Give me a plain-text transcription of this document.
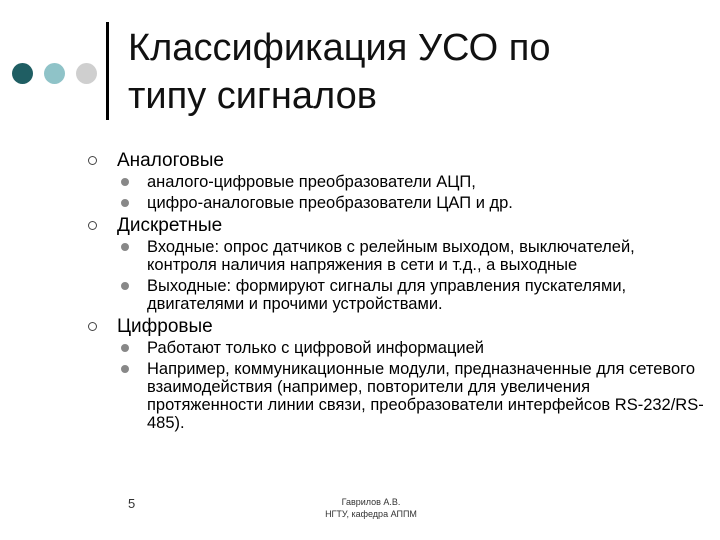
Классификация УСО по
типу сигналов
Аналоговые
аналого-цифровые преобразователи АЦП,
цифро-аналоговые преобразователи ЦАП и др.
Дискретные
Входные: опрос датчиков с релейным выходом, выключателей, контроля наличия напряжения в сети и т.д., а выходные
Выходные: формируют сигналы для управления пускателями, двигателями и прочими устройствами.
Цифровые
Работают только с цифровой информацией
Например, коммуникационные модули, предназначенные для сетевого взаимодействия (например, повторители для увеличения протяженности линии связи, преобразователи интерфейсов RS-232/RS-485).
5	Гаврилов А.В.
НГТУ, кафедра АППМ
